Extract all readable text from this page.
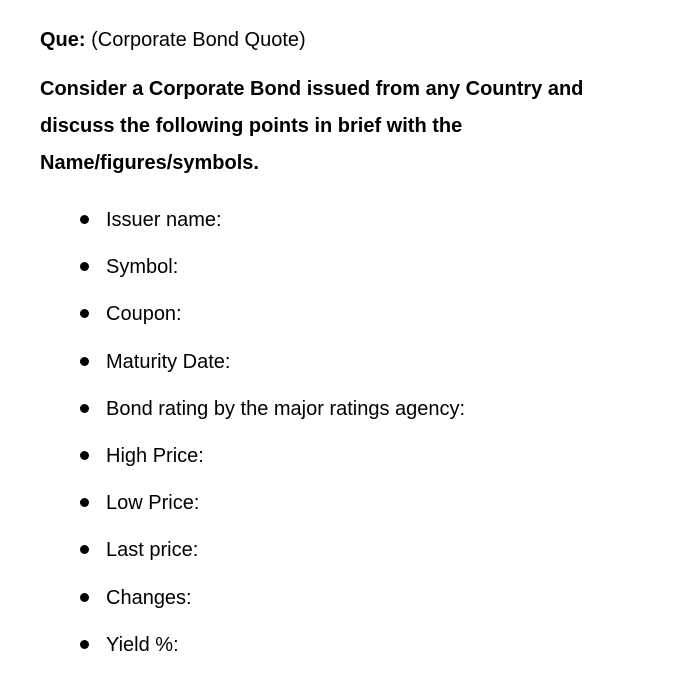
Que: (Corporate Bond Quote)
Consider a Corporate Bond issued from any Country and
discuss the following points in brief with the
Name/figures/symbols.
Issuer name:
Symbol:
Coupon:
Maturity Date:
Bond rating by the major ratings agency:
High Price:
Low Price:
Last price:
Changes:
Yield %:
